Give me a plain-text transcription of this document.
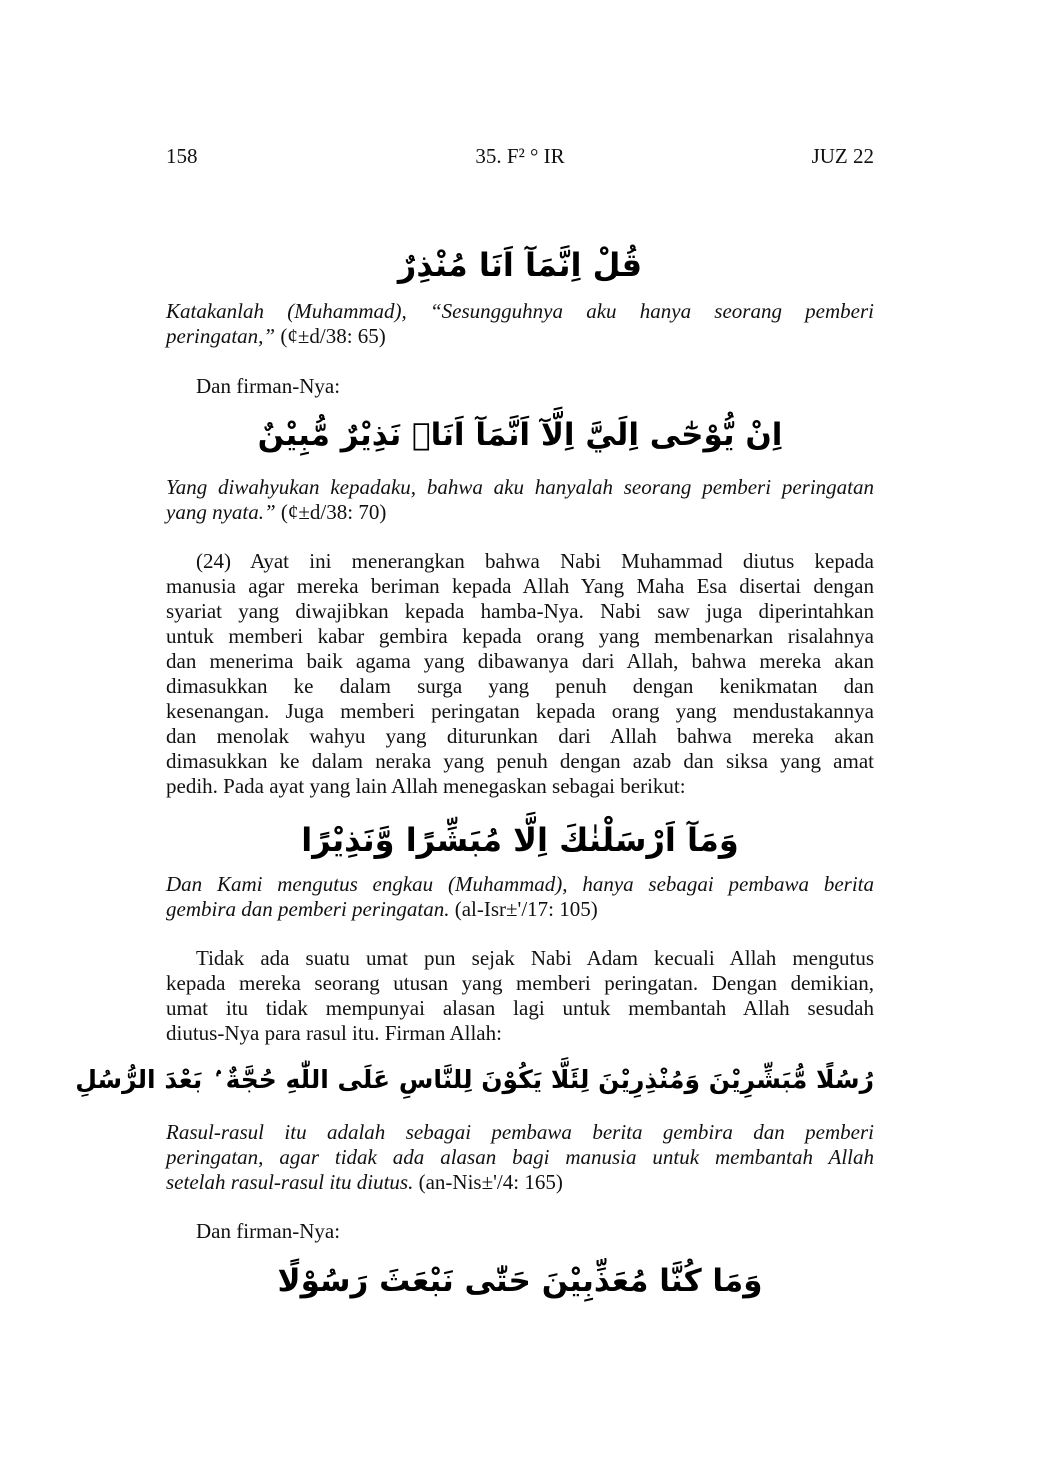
158	35. F² ° IR	JUZ 22
قُلْ اِنَّمَآ اَنَا مُنْذِرٌ
Katakanlah (Muhammad), “Sesungguhnya aku hanya seorang pemberi
peringatan,” (¢±d/38: 65)
Dan firman-Nya:
اِنْ يُّوْحٰٓى اِلَيَّ اِلَّآ اَنَّمَآ اَنَا۠ نَذِيْرٌ مُّبِيْنٌ
Yang diwahyukan kepadaku, bahwa aku hanyalah seorang pemberi peringatan
yang nyata.” (¢±d/38: 70)
(24) Ayat ini menerangkan bahwa Nabi Muhammad diutus kepada
manusia agar mereka beriman kepada Allah Yang Maha Esa disertai dengan
syariat yang diwajibkan kepada hamba-Nya. Nabi saw juga diperintahkan
untuk memberi kabar gembira kepada orang yang membenarkan risalahnya
dan menerima baik agama yang dibawanya dari Allah, bahwa mereka akan
dimasukkan ke dalam surga yang penuh dengan kenikmatan dan
kesenangan. Juga memberi peringatan kepada orang yang mendustakannya
dan menolak wahyu yang diturunkan dari Allah bahwa mereka akan
dimasukkan ke dalam neraka yang penuh dengan azab dan siksa yang amat
pedih. Pada ayat yang lain Allah menegaskan sebagai berikut:
وَمَآ اَرْسَلْنٰكَ اِلَّا مُبَشِّرًا وَّنَذِيْرًا
Dan Kami mengutus engkau (Muhammad), hanya sebagai pembawa berita
gembira dan pemberi peringatan. (al-Isr±'/17: 105)
Tidak ada suatu umat pun sejak Nabi Adam kecuali Allah mengutus
kepada mereka seorang utusan yang memberi peringatan. Dengan demikian,
umat itu tidak mempunyai alasan lagi untuk membantah Allah sesudah
diutus-Nya para rasul itu. Firman Allah:
رُسُلًا مُّبَشِّرِيْنَ وَمُنْذِرِيْنَ لِئَلَّا يَكُوْنَ لِلنَّاسِ عَلَى اللّٰهِ حُجَّةٌ ۢ بَعْدَ الرُّسُلِ
Rasul-rasul itu adalah sebagai pembawa berita gembira dan pemberi
peringatan, agar tidak ada alasan bagi manusia untuk membantah Allah
setelah rasul-rasul itu diutus. (an-Nis±'/4: 165)
Dan firman-Nya:
وَمَا كُنَّا مُعَذِّبِيْنَ حَتّٰى نَبْعَثَ رَسُوْلًا
